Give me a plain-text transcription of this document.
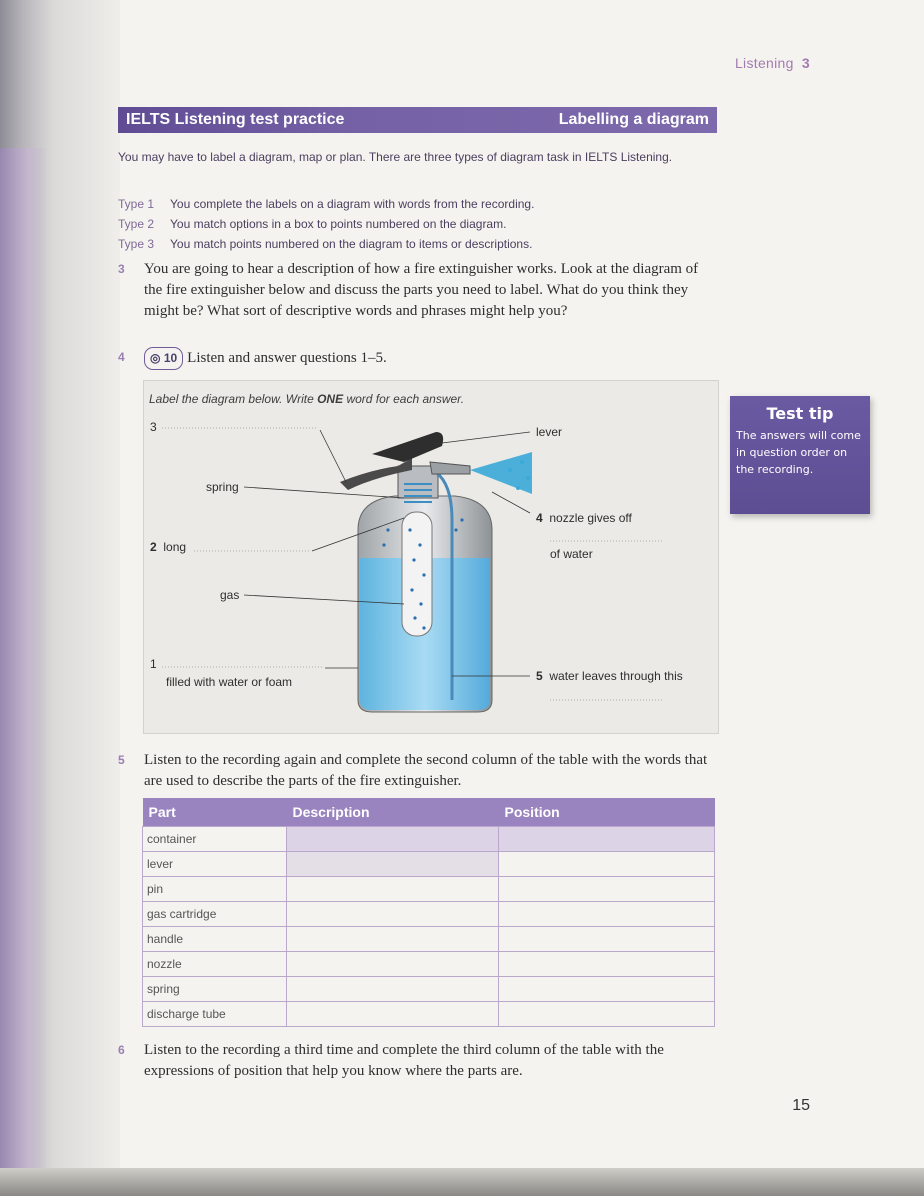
Listening 3
IELTS Listening test practice	Labelling a diagram
You may have to label a diagram, map or plan. There are three types of diagram task in IELTS Listening.
Type 1 You complete the labels on a diagram with words from the recording.
Type 2 You match options in a box to points numbered on the diagram.
Type 3 You match points numbered on the diagram to items or descriptions.
3 You are going to hear a description of how a fire extinguisher works. Look at the diagram of the fire extinguisher below and discuss the parts you need to label. What do you think they might be? What sort of descriptive words and phrases might help you?
4 ◎ 10 Listen and answer questions 1–5.
Label the diagram below. Write ONE word for each answer.
3	lever
spring
4 nozzle gives off
of water
2 long
gas
1
filled with water or foam	5 water leaves through this
Test tip
The answers will come in question order on the recording.
5 Listen to the recording again and complete the second column of the table with the words that are used to describe the parts of the fire extinguisher.
Part	Description	Position
container		
lever		
pin		
gas cartridge		
handle		
nozzle		
spring		
discharge tube		
6 Listen to the recording a third time and complete the third column of the table with the expressions of position that help you know where the parts are.
15
